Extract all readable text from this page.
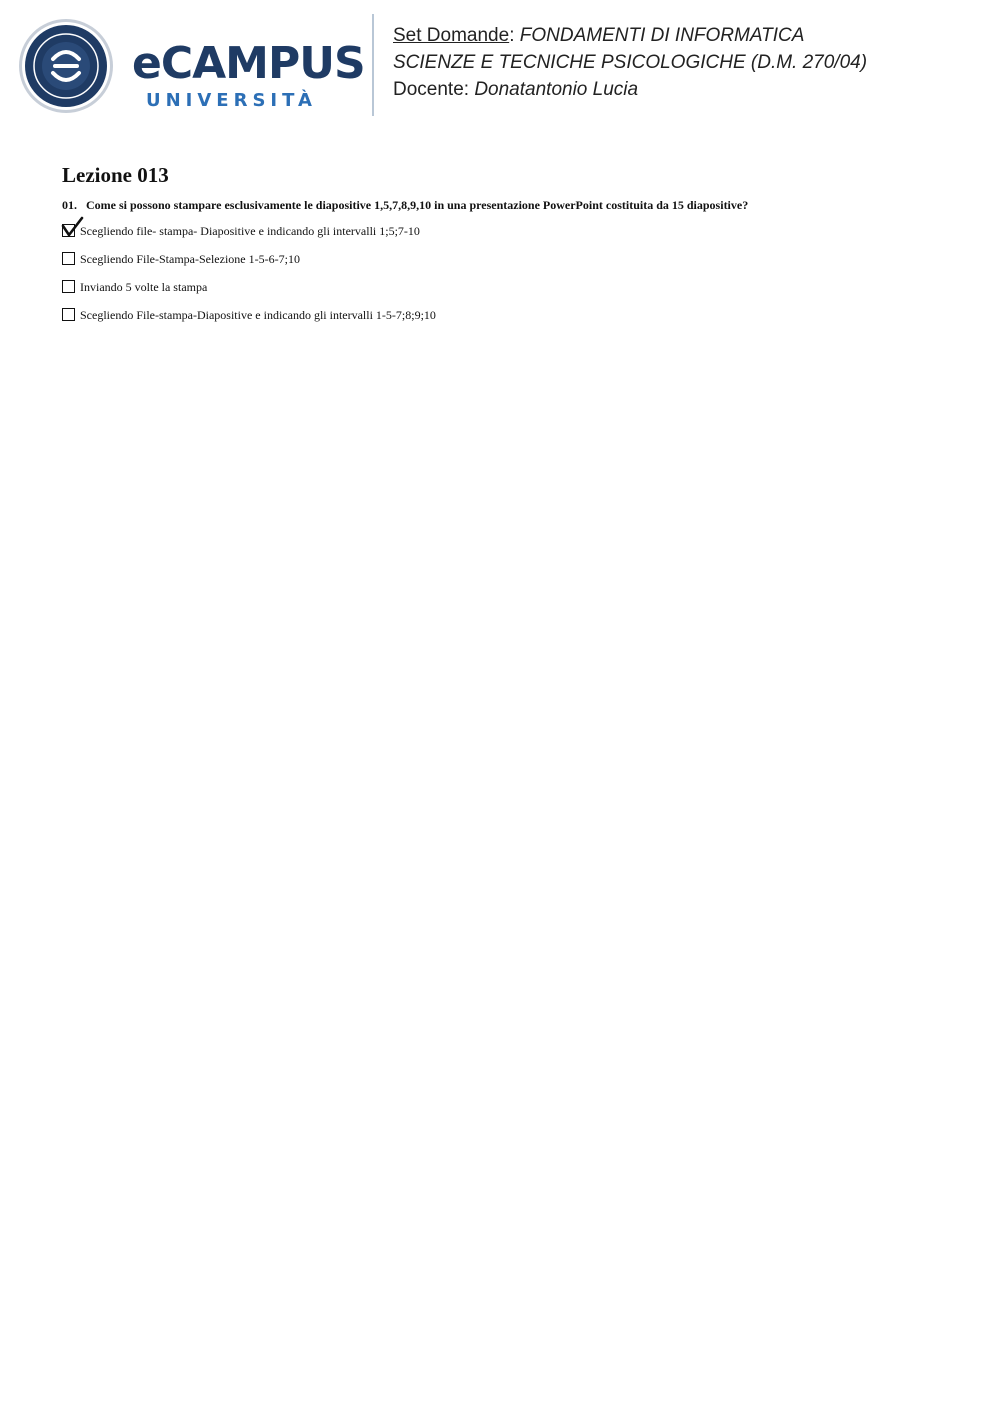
eCAMPUS
UNIVERSITÀ
Set Domande: FONDAMENTI DI INFORMATICA
SCIENZE E TECNICHE PSICOLOGICHE (D.M. 270/04)
Docente: Donatantonio Lucia
Lezione 013
01. Come si possono stampare esclusivamente le diapositive 1,5,7,8,9,10 in una presentazione PowerPoint costituita da 15 diapositive?
Scegliendo file- stampa- Diapositive e indicando gli intervalli 1;5;7-10
Scegliendo File-Stampa-Selezione 1-5-6-7;10
Inviando 5 volte la stampa
Scegliendo File-stampa-Diapositive e indicando gli intervalli 1-5-7;8;9;10
